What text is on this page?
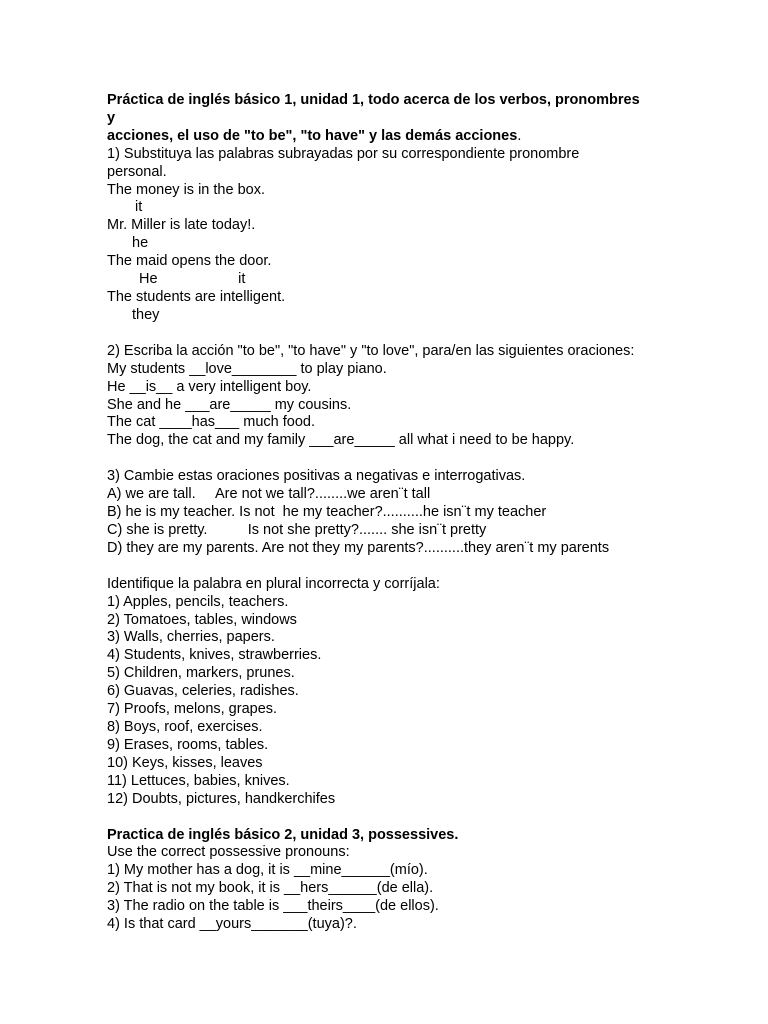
Práctica de inglés básico 1, unidad 1, todo acerca de los verbos, pronombres

y

acciones, el uso de "to be", "to have" y las demás acciones.

1) Substituya las palabras subrayadas por su correspondiente pronombre

personal.

The money is in the box.

it

Mr. Miller is late today!.

he

The maid opens the door.

He                    it

The students are intelligent.

they

2) Escriba la acción "to be", "to have" y "to love", para/en las siguientes oraciones:

My students __love________ to play piano.

He __is__ a very intelligent boy.

She and he ___are_____ my cousins.

The cat ____has___ much food.

The dog, the cat and my family ___are_____ all what i need to be happy.

3) Cambie estas oraciones positivas a negativas e interrogativas.

A) we are tall.     Are not we tall?........we aren¨t tall

B) he is my teacher. Is not  he my teacher?..........he isn¨t my teacher

C) she is pretty.          Is not she pretty?....... she isn¨t pretty

D) they are my parents. Are not they my parents?..........they aren¨t my parents

Identifique la palabra en plural incorrecta y corríjala:

1) Apples, pencils, teachers.

2) Tomatoes, tables, windows

3) Walls, cherries, papers.

4) Students, knives, strawberries.

5) Children, markers, prunes.

6) Guavas, celeries, radishes.

7) Proofs, melons, grapes.

8) Boys, roof, exercises.

9) Erases, rooms, tables.

10) Keys, kisses, leaves

11) Lettuces, babies, knives.

12) Doubts, pictures, handkerchifes

Practica de inglés básico 2, unidad 3, possessives.

Use the correct possessive pronouns:

1) My mother has a dog, it is __mine______(mío).

2) That is not my book, it is __hers______(de ella).

3) The radio on the table is ___theirs____(de ellos).

4) Is that card __yours_______(tuya)?.
